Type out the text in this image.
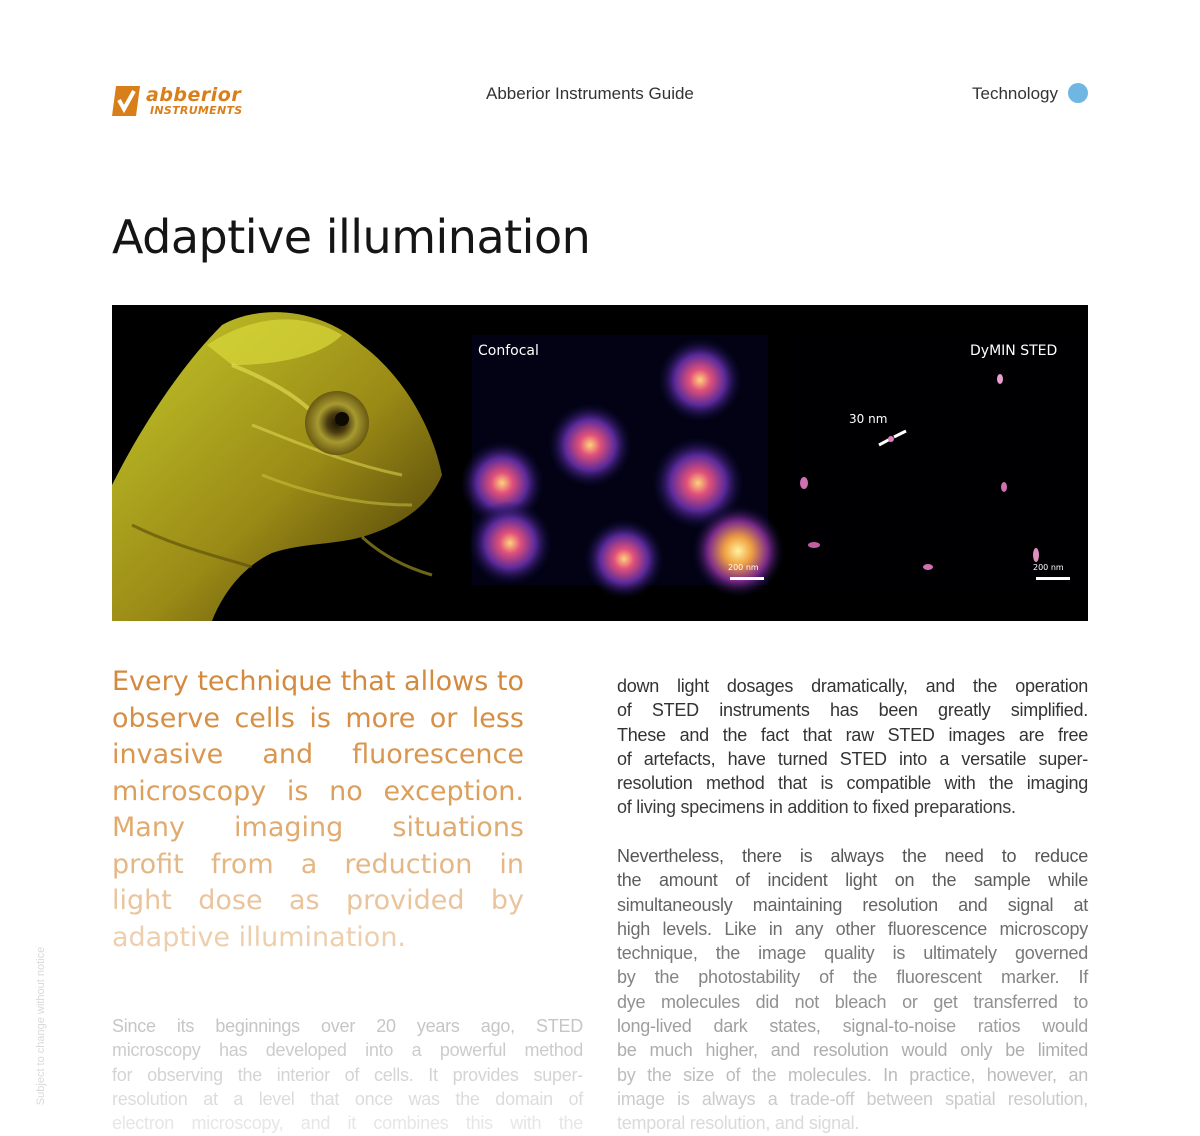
abberior
INSTRUMENTS
Abberior Instruments Guide	Technology
Adaptive illumination
Confocal	DyMIN STED
30 nm
200 nm	200 nm

Every technique that allows to
observe cells is more or less
invasive and fluorescence
microscopy is no exception.
Many imaging situations
profit from a reduction in
light dose as provided by
adaptive illumination.

Since its beginnings over 20 years ago, STED
microscopy has developed into a powerful method
for observing the interior of cells. It provides super-
resolution at a level that once was the domain of
electron microscopy, and it combines this with the

down light dosages dramatically, and the operation
of STED instruments has been greatly simplified.
These and the fact that raw STED images are free
of artefacts, have turned STED into a versatile super-
resolution method that is compatible with the imaging
of living specimens in addition to fixed preparations.

Nevertheless, there is always the need to reduce
the amount of incident light on the sample while
simultaneously maintaining resolution and signal at
high levels. Like in any other fluorescence microscopy
technique, the image quality is ultimately governed
by the photostability of the fluorescent marker. If
dye molecules did not bleach or get transferred to
long-lived dark states, signal-to-noise ratios would
be much higher, and resolution would only be limited
by the size of the molecules. In practice, however, an
image is always a trade-off between spatial resolution,
temporal resolution, and signal.

Subject to change without notice
